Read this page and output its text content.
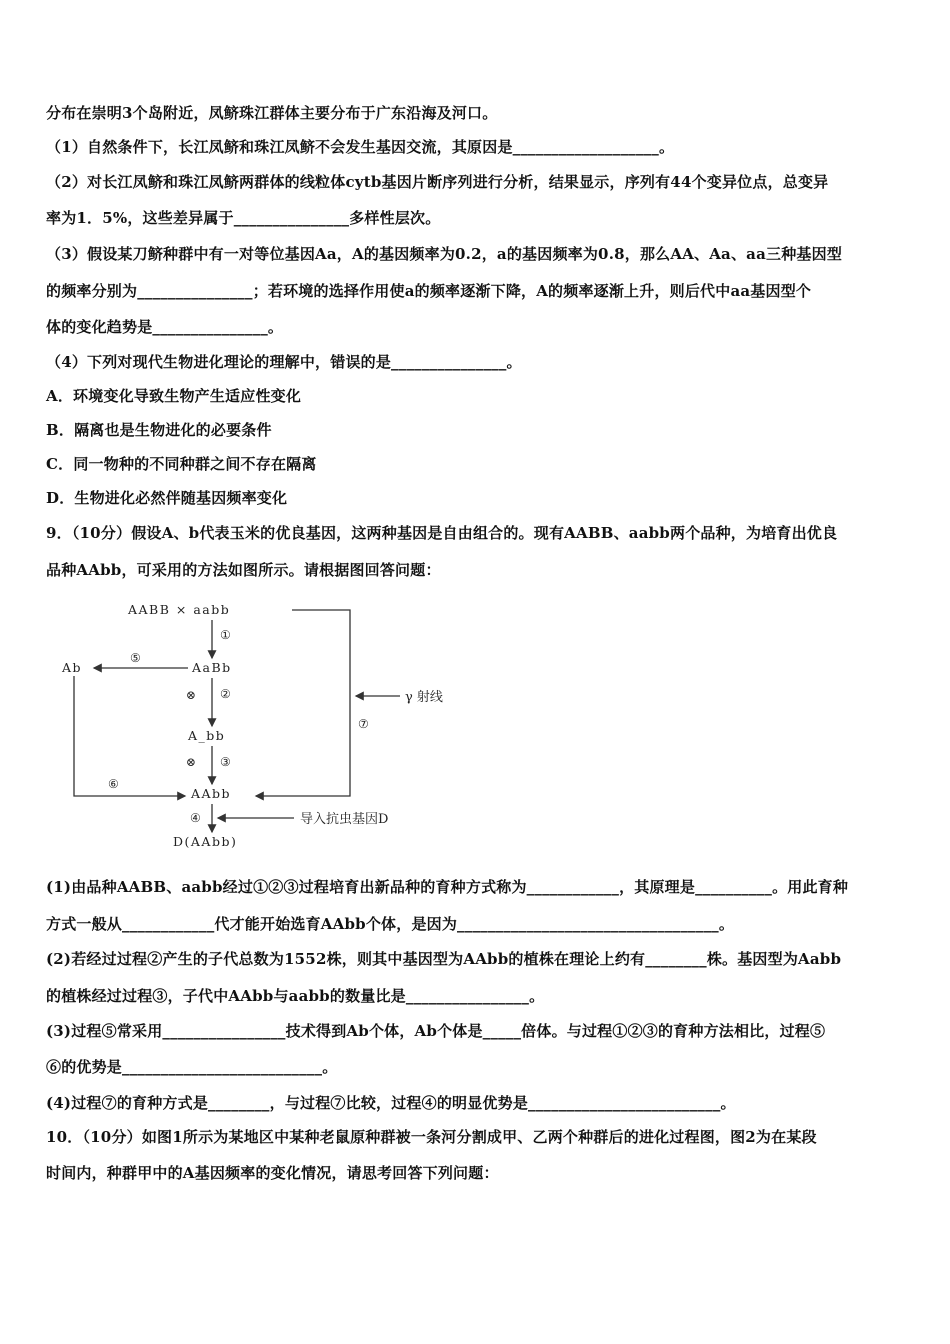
分布在崇明3个岛附近，凤鲚珠江群体主要分布于广东沿海及河口。
（1）自然条件下，长江凤鲚和珠江凤鲚不会发生基因交流，其原因是___________________。
（2）对长江凤鲚和珠江凤鲚两群体的线粒体cytb基因片断序列进行分析，结果显示，序列有44个变异位点，总变异
率为1．5%，这些差异属于_______________多样性层次。
（3）假设某刀鲚种群中有一对等位基因Aa，A的基因频率为0.2，a的基因频率为0.8，那么AA、Aa、aa三种基因型
的频率分别为_______________；若环境的选择作用使a的频率逐渐下降，A的频率逐渐上升，则后代中aa基因型个
体的变化趋势是_______________。
（4）下列对现代生物进化理论的理解中，错误的是_______________。
A．环境变化导致生物产生适应性变化
B．隔离也是生物进化的必要条件
C．同一物种的不同种群之间不存在隔离
D．生物进化必然伴随基因频率变化
9．（10分）假设A、b代表玉米的优良基因，这两种基因是自由组合的。现有AABB、aabb两个品种，为培育出优良
品种AAbb，可采用的方法如图所示。请根据图回答问题：
AABB × aabb
AaBb
A_bb
AAbb
Ab
D(AAbb)
①
②
⊗
③
⊗
④
⑤
⑥
⑦
γ 射线
导入抗虫基因D
(1)由品种AABB、aabb经过①②③过程培育出新品种的育种方式称为____________，其原理是__________。用此育种
方式一般从____________代才能开始选育AAbb个体，是因为__________________________________。
(2)若经过过程②产生的子代总数为1552株，则其中基因型为AAbb的植株在理论上约有________株。基因型为Aabb
的植株经过过程③，子代中AAbb与aabb的数量比是________________。
(3)过程⑤常采用________________技术得到Ab个体，Ab个体是_____倍体。与过程①②③的育种方法相比，过程⑤
⑥的优势是__________________________。
(4)过程⑦的育种方式是________，与过程⑦比较，过程④的明显优势是_________________________。
10．（10分）如图1所示为某地区中某种老鼠原种群被一条河分割成甲、乙两个种群后的进化过程图，图2为在某段
时间内，种群甲中的A基因频率的变化情况，请思考回答下列问题：
